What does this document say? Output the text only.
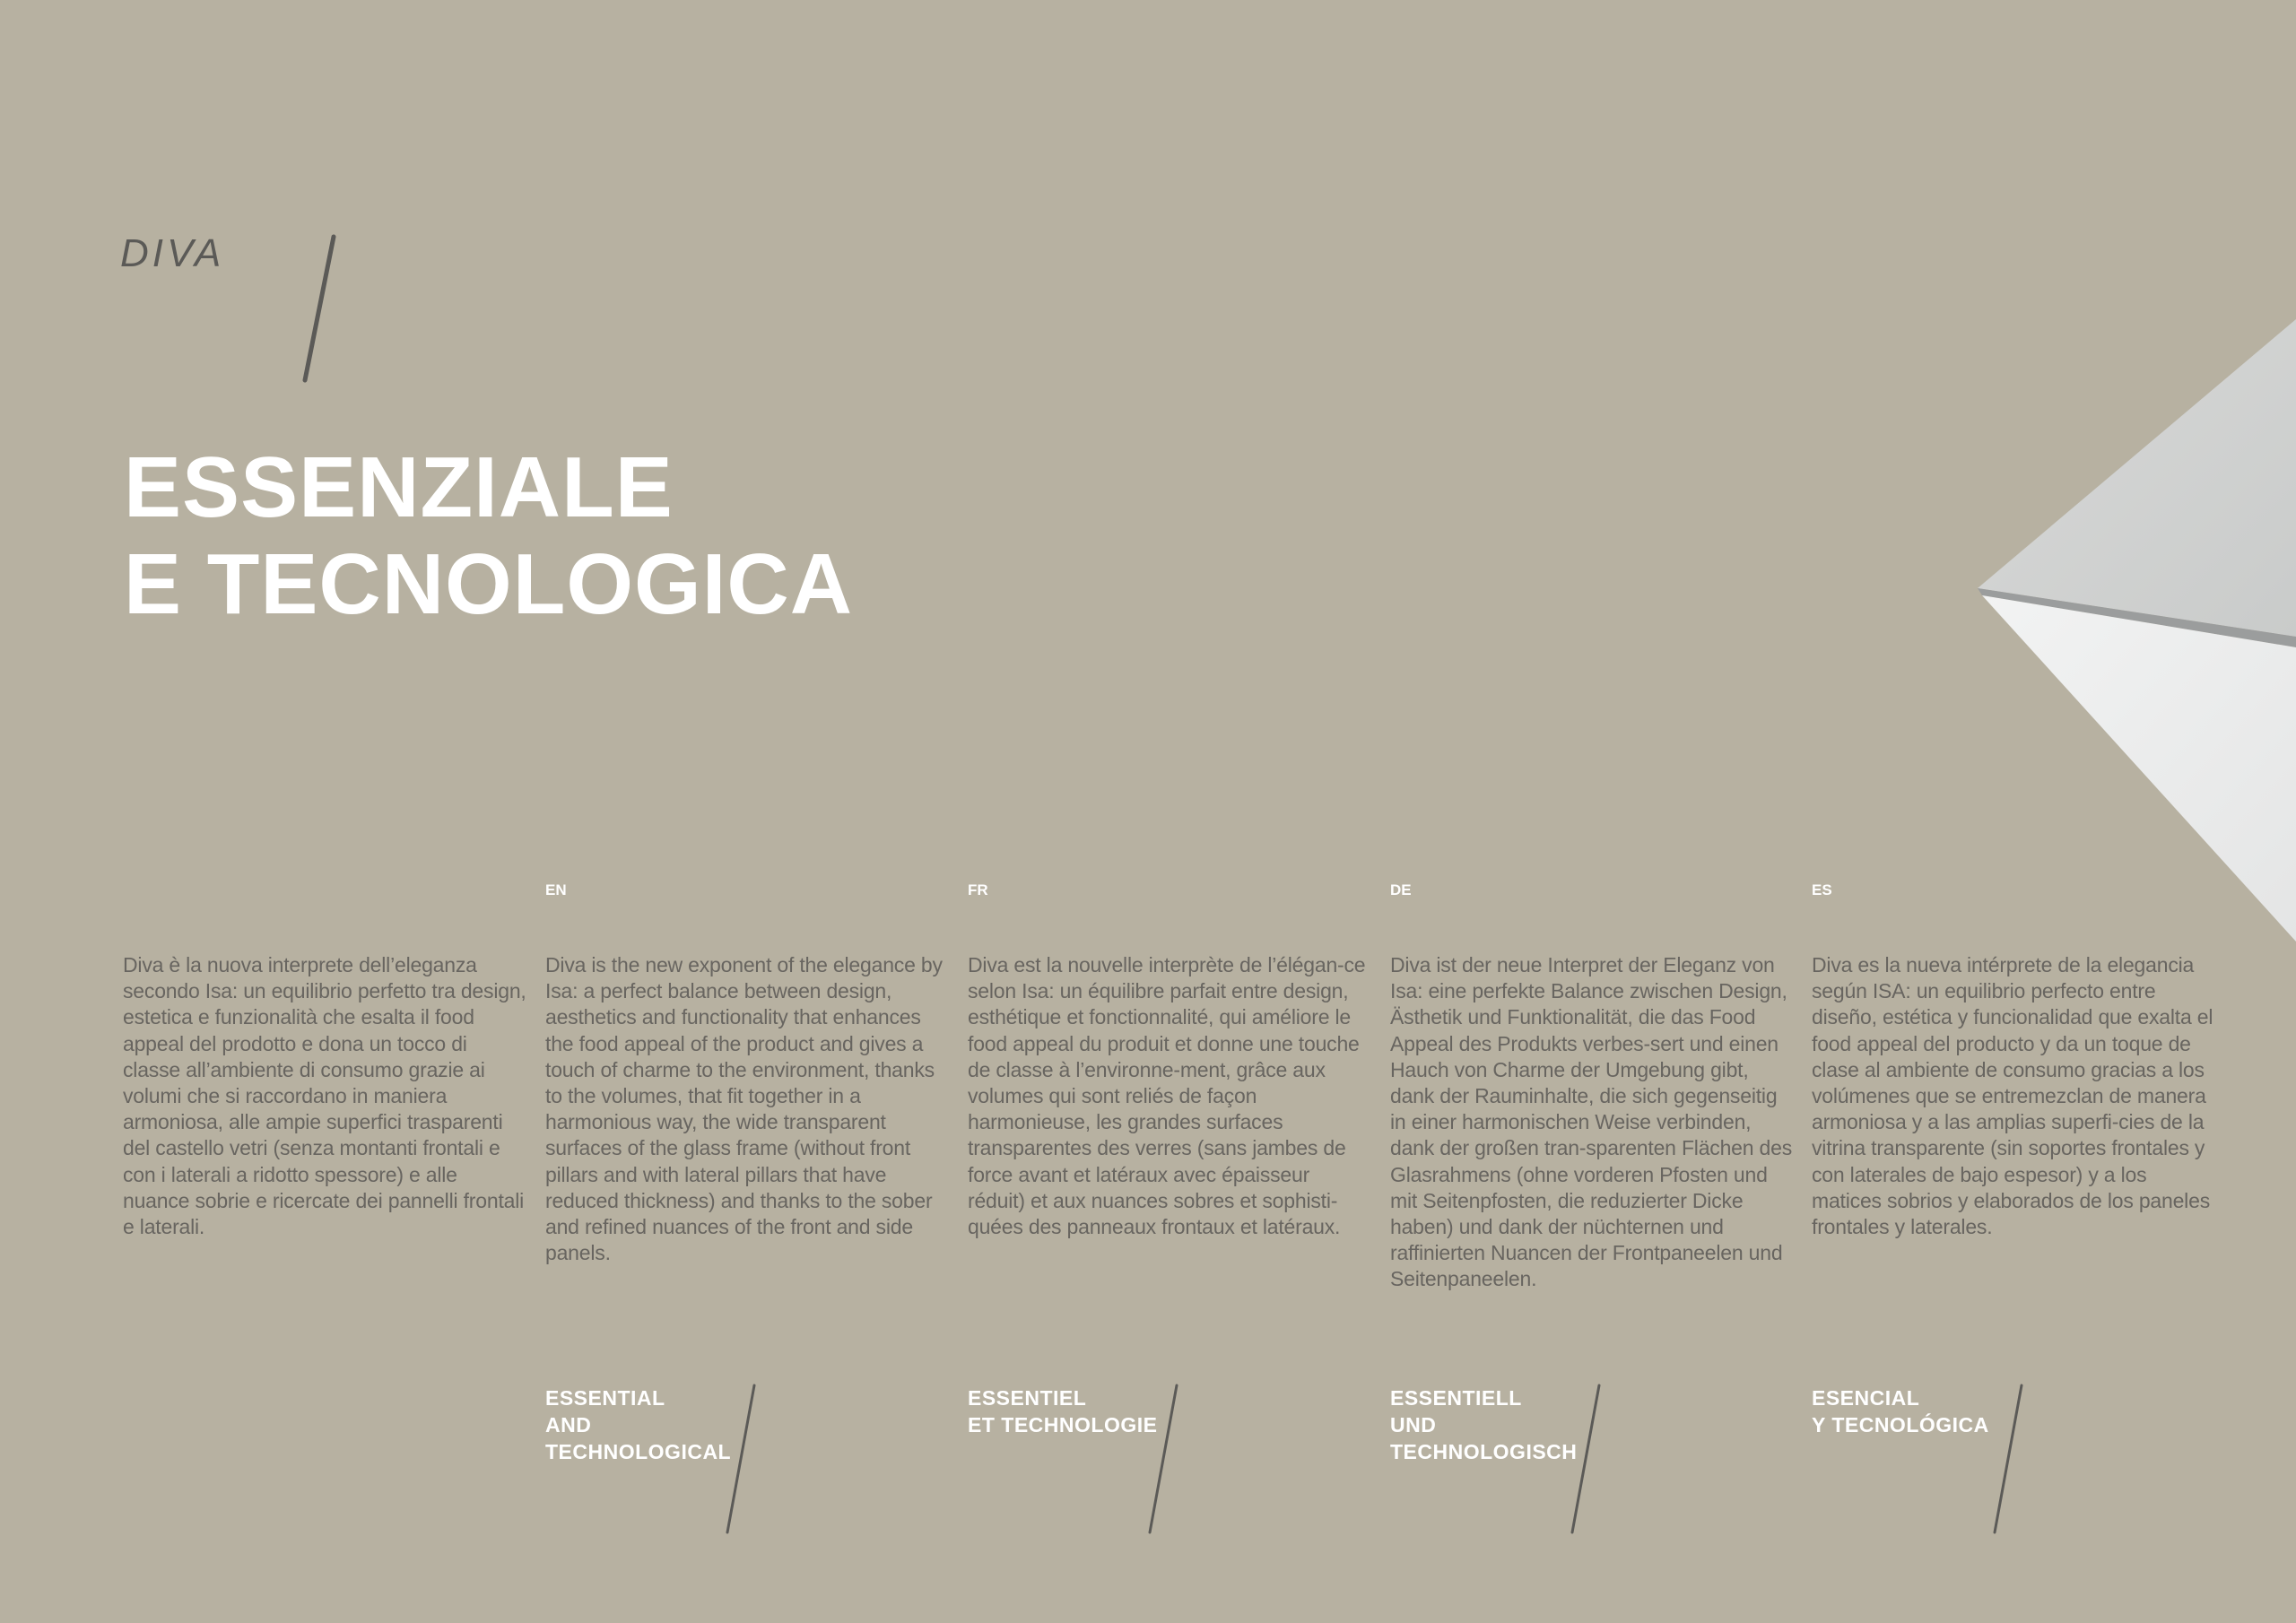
DIVA
ESSENZIALE
E TECNOLOGICA
EN	FR	DE	ES
Diva è la nuova interprete dell’eleganza secondo Isa: un equilibrio perfetto tra design, estetica e funzionalità che esalta il food appeal del prodotto e dona un tocco di classe all’ambiente di consumo grazie ai volumi che si raccordano in maniera armoniosa, alle ampie superfici trasparenti del castello vetri (senza montanti frontali e con i laterali a ridotto spessore) e alle nuance sobrie e ricercate dei pannelli frontali e laterali.
Diva is the new exponent of the elegance by Isa: a perfect balance between design, aesthetics and functionality that enhances the food appeal of the product and gives a touch of charme to the environment, thanks to the volumes, that fit together in a harmonious way, the wide transparent surfaces of the glass frame (without front pillars and with lateral pillars that have reduced thickness) and thanks to the sober and refined nuances of the front and side panels.
Diva est la nouvelle interprète de l’élégan-ce selon Isa: un équilibre parfait entre design, esthétique et fonctionnalité, qui améliore le food appeal du produit et donne une touche de classe à l’environne-ment, grâce aux volumes qui sont reliés de façon harmonieuse, les grandes surfaces transparentes des verres (sans jambes de force avant et latéraux avec épaisseur réduit) et aux nuances sobres et sophisti-quées des panneaux frontaux et latéraux.
Diva ist der neue Interpret der Eleganz von Isa: eine perfekte Balance zwischen Design, Ästhetik und Funktionalität, die das Food Appeal des Produkts verbes-sert und einen Hauch von Charme der Umgebung gibt, dank der Rauminhalte, die sich gegenseitig in einer harmonischen Weise verbinden, dank der großen tran-sparenten Flächen des Glasrahmens (ohne vorderen Pfosten und mit Seitenpfosten, die reduzierter Dicke haben) und dank der nüchternen und raffinierten Nuancen der Frontpaneelen und Seitenpaneelen.
Diva es la nueva intérprete de la elegancia según ISA: un equilibrio perfecto entre diseño, estética y funcionalidad que exalta el food appeal del producto y da un toque de clase al ambiente de consumo gracias a los volúmenes que se entremezclan de manera armoniosa y a las amplias superfi-cies de la vitrina transparente (sin soportes frontales y con laterales de bajo espesor) y a los matices sobrios y elaborados de los paneles frontales y laterales.
ESSENTIAL
AND
TECHNOLOGICAL
ESSENTIEL
ET TECHNOLOGIE
ESSENTIELL
UND
TECHNOLOGISCH
ESENCIAL
Y TECNOLÓGICA
